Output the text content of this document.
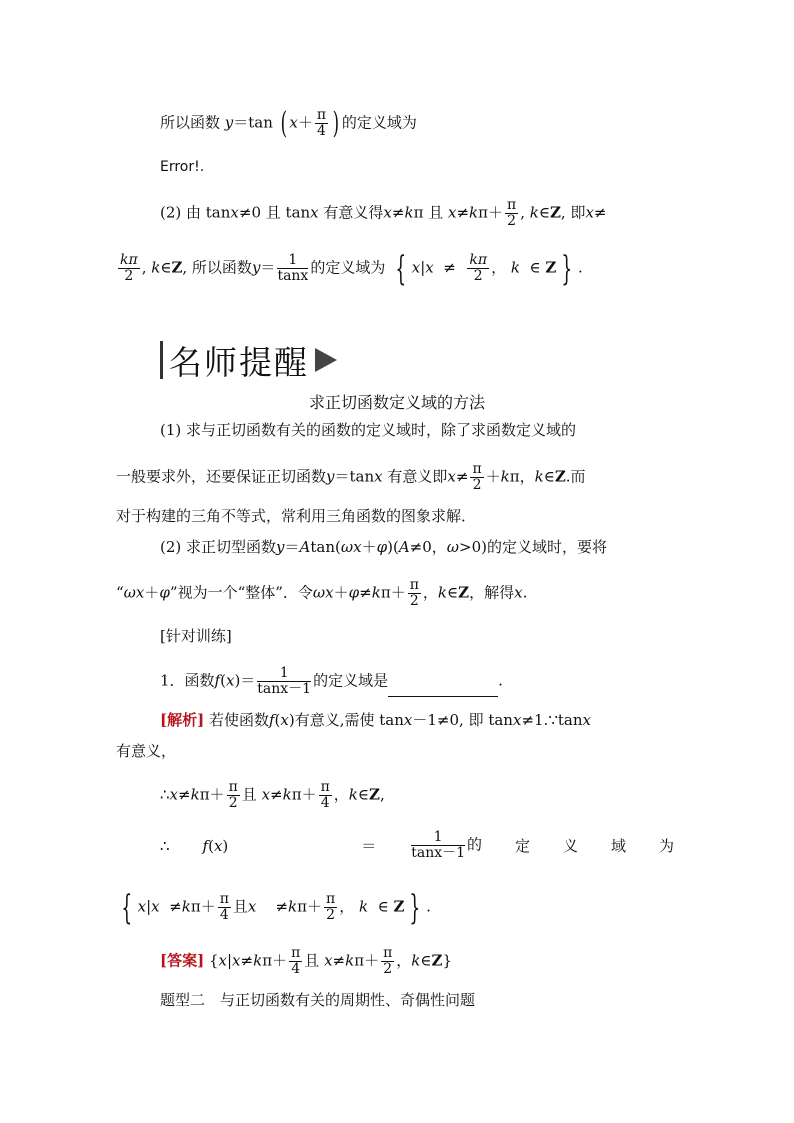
所以函数 y＝tan ( $x+ \frac{\pi}{4}$ ) 的定义域为
Error!.
(2) 由 tanx≠0 且 tanx 有意义得x≠kπ 且 $x\ne k\pi+ \frac{\pi}{2}$ , k∈Z, 即x≠
$\frac{k\pi}{2}$ , k∈Z, 所以函数$y= \frac{1}{\tan x}$ 的定义域为 { $x|x \ne \frac{k\pi}{2}$ ， k  ∈ Z } .
名师提醒
求正切函数定义域的方法
(1) 求与正切函数有关的函数的定义域时，除了求函数定义域的
一般要求外，还要保证正切函数y＝tanx 有意义即$x\ne \frac{\pi}{2} +k\pi$，k∈Z.而
对于构建的三角不等式，常利用三角函数的图象求解．
(2) 求正切型函数y＝Atan(ωx＋φ)(A≠0，ω>0)的定义域时，要将
“ωx＋φ”视为一个“整体”．令$\omega x+\varphi\ne k\pi+ \frac{\pi}{2}$ ，k∈Z，解得x.
[针对训练]
1．函数$f(x)= \frac{1}{\tan x-1}$ 的定义域是	.
[解析] 若使函数f(x)有意义,需使 tanx－1≠0, 即 tanx≠1.∵tanx
有意义，
∴x≠kπ＋ $\frac{\pi}{2}$ 且 $x\ne k\pi+ \frac{\pi}{4}$ ，k∈Z,
∴ f(x)	＝ $\frac{1}{\tan x-1}$ 的 定 义 域 为
{ $x|x \ne k\pi+ \frac{\pi}{4}$ 且x    $\ne k\pi+ \frac{\pi}{2}$ ， k ∈ Z } .
[答案] {$x|x\ne k\pi+ \frac{\pi}{4}$ 且 $x\ne k\pi+ \frac{\pi}{2}$ ，k∈Z}
题型二　与正切函数有关的周期性、奇偶性问题
